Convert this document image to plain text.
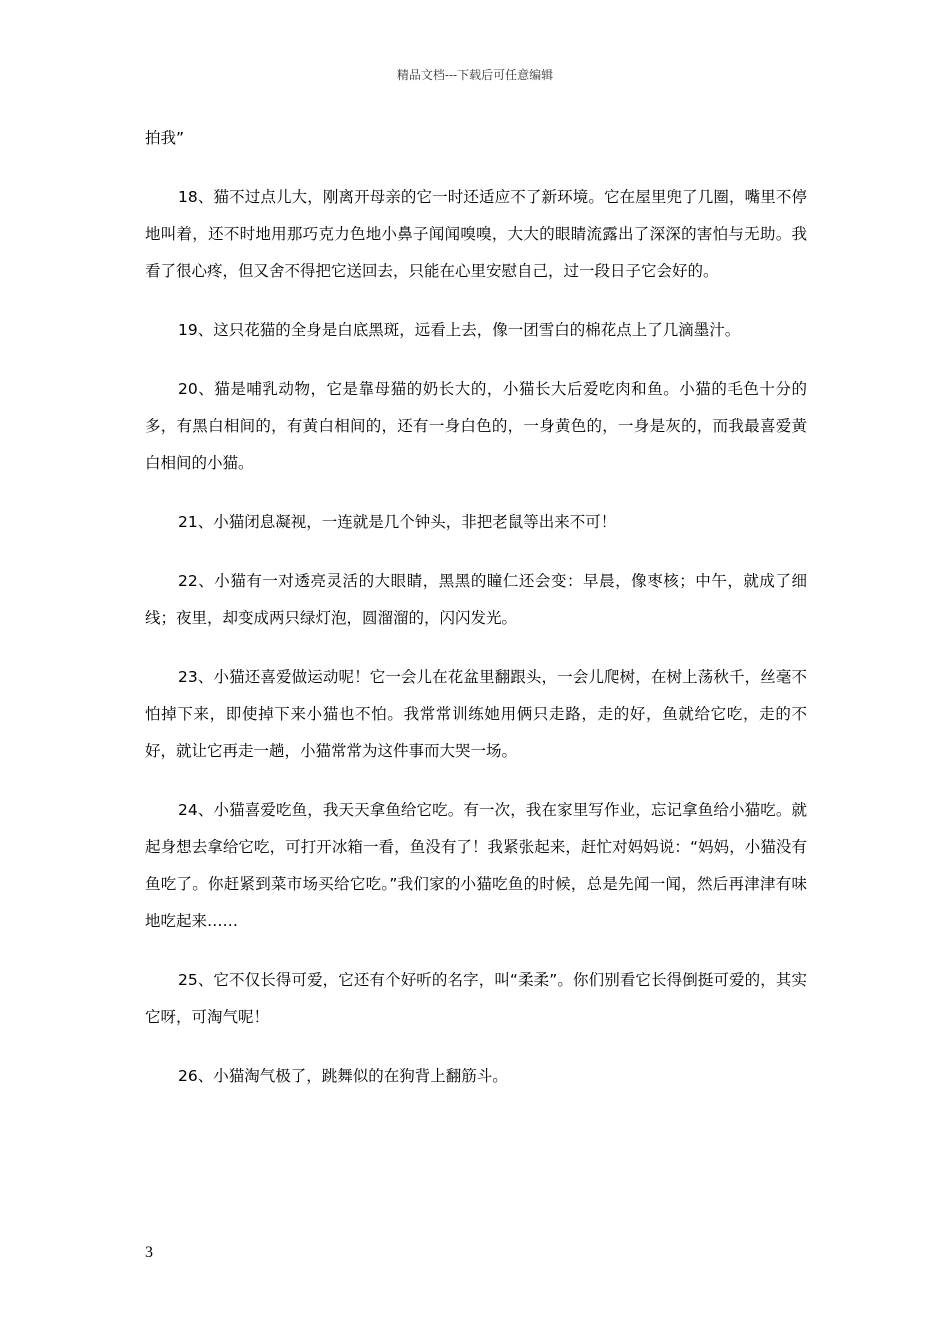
精品文档---下载后可任意编辑

拍我”

18、猫不过点儿大，刚离开母亲的它一时还适应不了新环境。它在屋里兜了几圈，嘴里不停地叫着，还不时地用那巧克力色地小鼻子闻闻嗅嗅，大大的眼睛流露出了深深的害怕与无助。我看了很心疼，但又舍不得把它送回去，只能在心里安慰自己，过一段日子它会好的。

19、这只花猫的全身是白底黑斑，远看上去，像一团雪白的棉花点上了几滴墨汁。

20、猫是哺乳动物，它是靠母猫的奶长大的，小猫长大后爱吃肉和鱼。小猫的毛色十分的多，有黑白相间的，有黄白相间的，还有一身白色的，一身黄色的，一身是灰的，而我最喜爱黄白相间的小猫。

21、小猫闭息凝视，一连就是几个钟头，非把老鼠等出来不可！

22、小猫有一对透亮灵活的大眼睛，黑黑的瞳仁还会变：早晨，像枣核；中午，就成了细线；夜里，却变成两只绿灯泡，圆溜溜的，闪闪发光。

23、小猫还喜爱做运动呢！它一会儿在花盆里翻跟头，一会儿爬树，在树上荡秋千，丝毫不怕掉下来，即使掉下来小猫也不怕。我常常训练她用俩只走路，走的好，鱼就给它吃，走的不好，就让它再走一趟，小猫常常为这件事而大哭一场。

24、小猫喜爱吃鱼，我天天拿鱼给它吃。有一次，我在家里写作业，忘记拿鱼给小猫吃。就起身想去拿给它吃，可打开冰箱一看，鱼没有了！我紧张起来，赶忙对妈妈说：“妈妈，小猫没有鱼吃了。你赶紧到菜市场买给它吃。”我们家的小猫吃鱼的时候，总是先闻一闻，然后再津津有味地吃起来……

25、它不仅长得可爱，它还有个好听的名字，叫“柔柔”。你们别看它长得倒挺可爱的，其实它呀，可淘气呢！

26、小猫淘气极了，跳舞似的在狗背上翻筋斗。

3
